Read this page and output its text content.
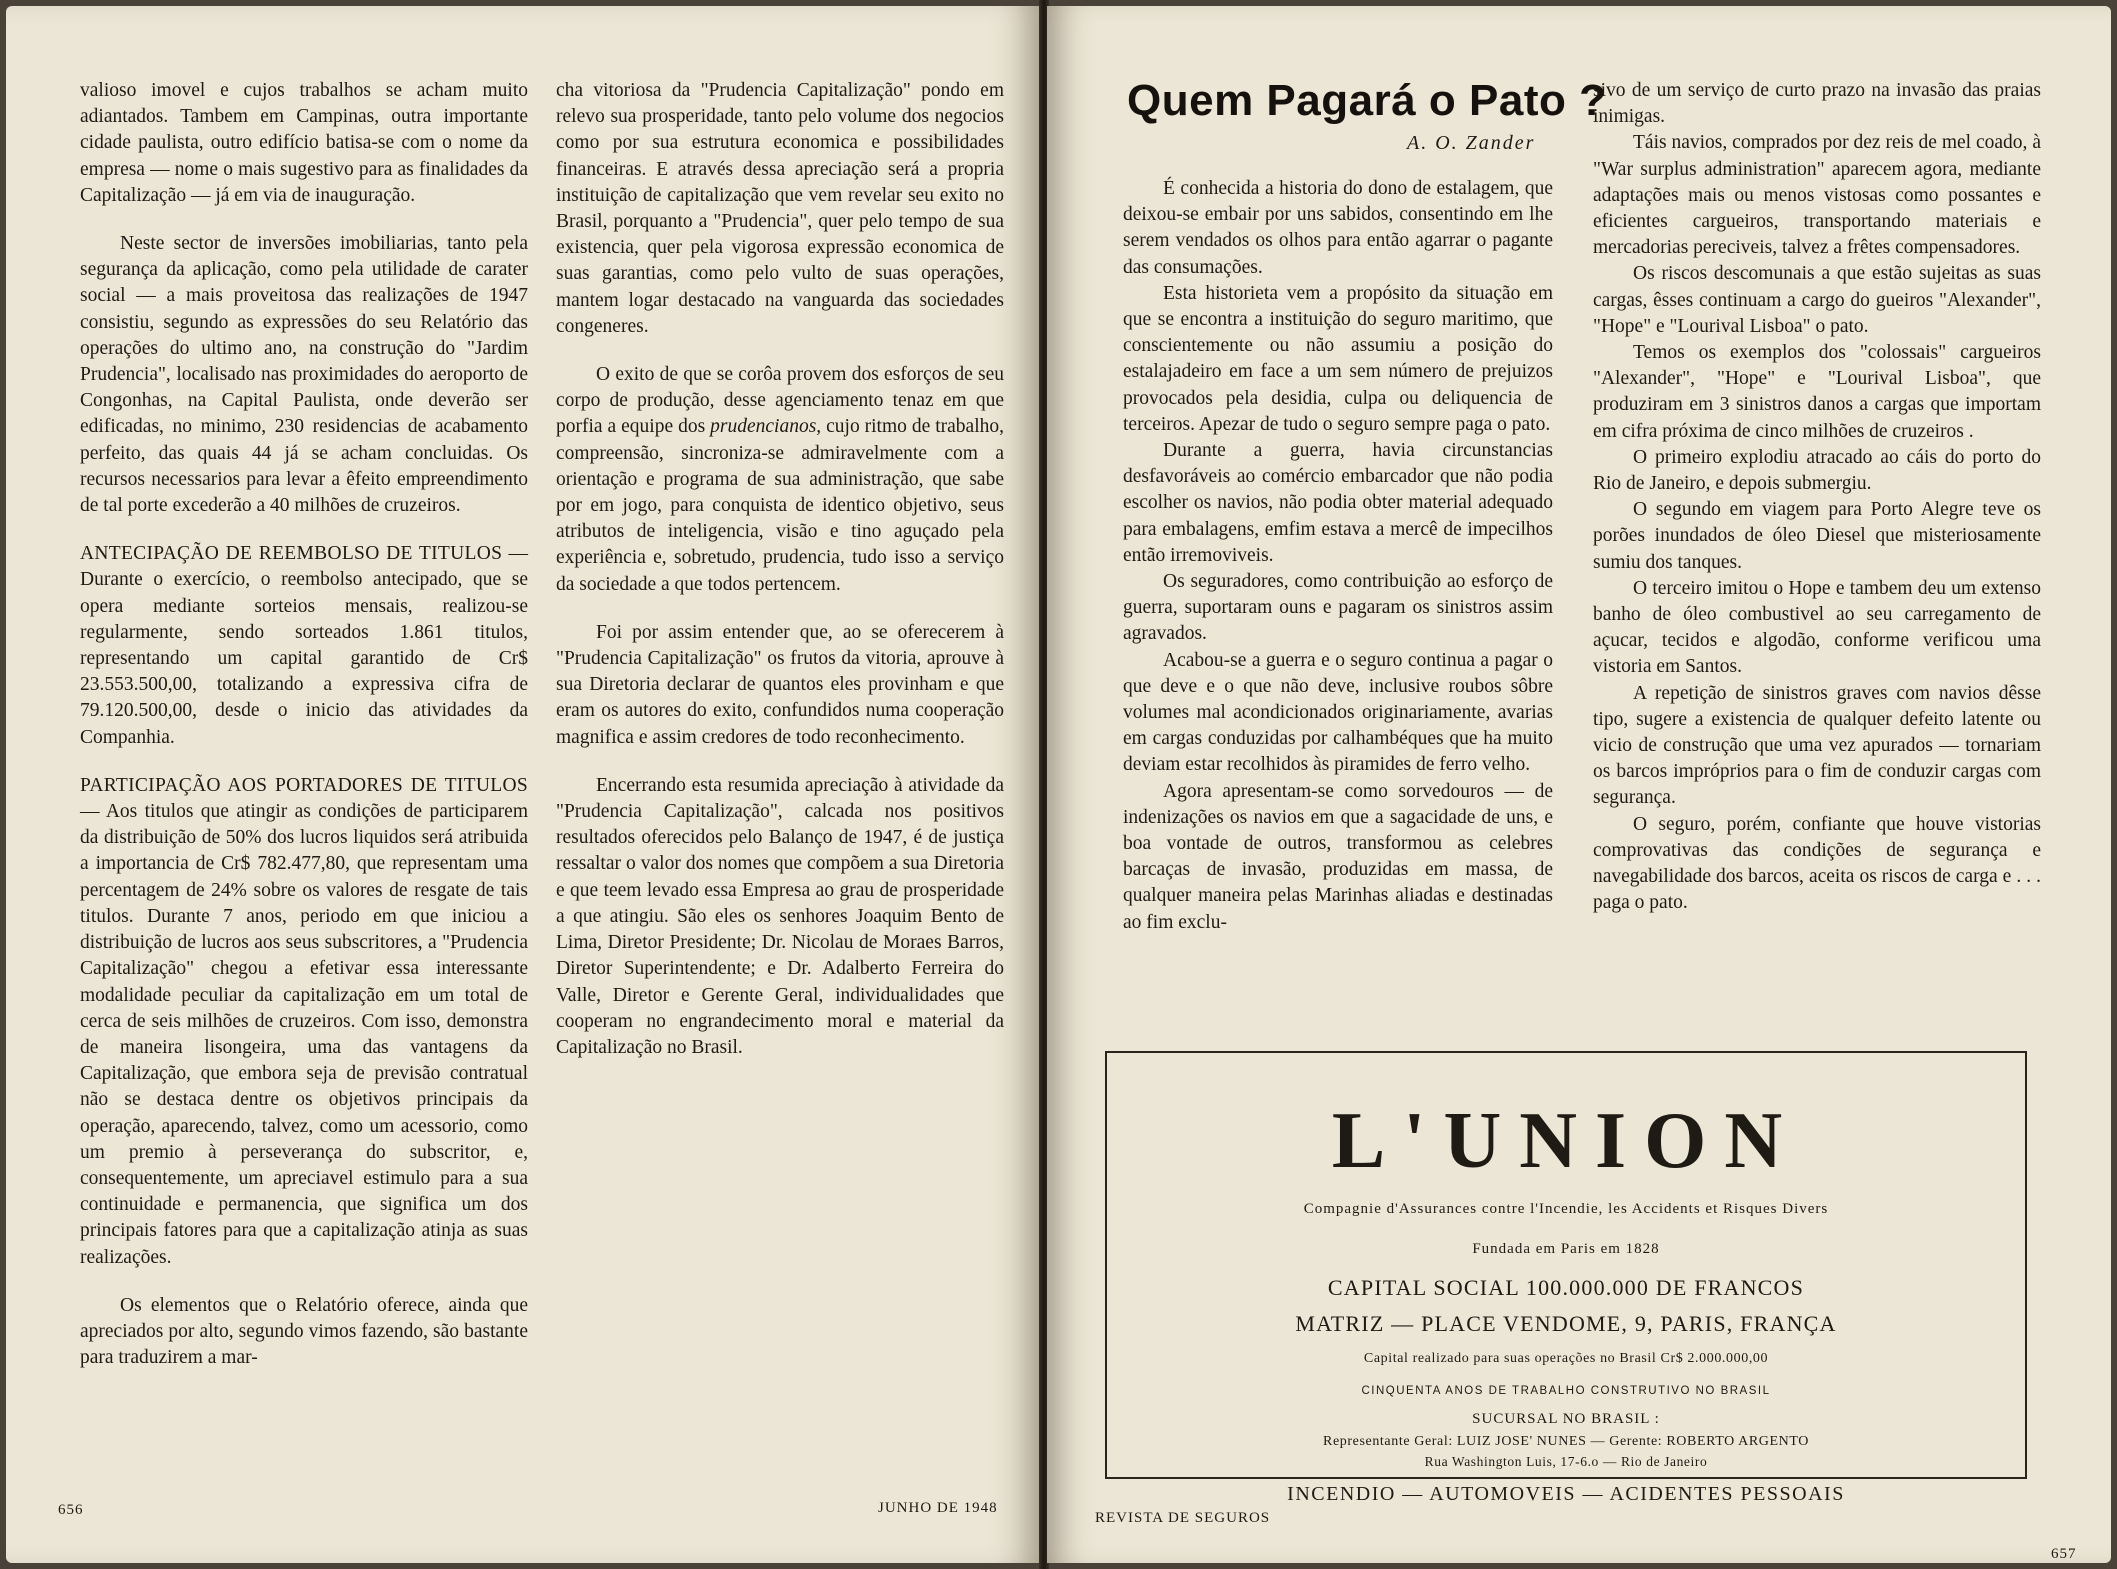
valioso imovel e cujos trabalhos se acham muito adiantados. Tambem em Campinas, outra importante cidade paulista, outro edifício batisa-se com o nome da empresa — nome o mais sugestivo para as finalidades da Capitalização — já em via de inauguração.

Neste sector de inversões imobiliarias, tanto pela segurança da aplicação, como pela utilidade de carater social — a mais proveitosa das realizações de 1947 consistiu, segundo as expressões do seu Relatório das operações do ultimo ano, na construção do "Jardim Prudencia", localisado nas proximidades do aeroporto de Congonhas, na Capital Paulista, onde deverão ser edificadas, no minimo, 230 residencias de acabamento perfeito, das quais 44 já se acham concluidas. Os recursos necessarios para levar a êfeito empreendimento de tal porte excederão a 40 milhões de cruzeiros.

ANTECIPAÇÃO DE REEMBOLSO DE TITULOS — Durante o exercício, o reembolso antecipado, que se opera mediante sorteios mensais, realizou-se regularmente, sendo sorteados 1.861 titulos, representando um capital garantido de Cr$ 23.553.500,00, totalizando a expressiva cifra de 79.120.500,00, desde o inicio das atividades da Companhia.

PARTICIPAÇÃO AOS PORTADORES DE TITULOS — Aos titulos que atingir as condições de participarem da distribuição de 50% dos lucros liquidos será atribuida a importancia de Cr$ 782.477,80, que representam uma percentagem de 24% sobre os valores de resgate de tais titulos. Durante 7 anos, periodo em que iniciou a distribuição de lucros aos seus subscritores, a "Prudencia Capitalização" chegou a efetivar essa interessante modalidade peculiar da capitalização em um total de cerca de seis milhões de cruzeiros. Com isso, demonstra de maneira lisongeira, uma das vantagens da Capitalização, que embora seja de previsão contratual não se destaca dentre os objetivos principais da operação, aparecendo, talvez, como um acessorio, como um premio à perseverança do subscritor, e, consequentemente, um apreciavel estimulo para a sua continuidade e permanencia, que significa um dos principais fatores para que a capitalização atinja as suas realizações.

Os elementos que o Relatório oferece, ainda que apreciados por alto, segundo vimos fazendo, são bastante para traduzirem a mar-

cha vitoriosa da "Prudencia Capitalização" pondo em relevo sua prosperidade, tanto pelo volume dos negocios como por sua estrutura economica e possibilidades financeiras. E através dessa apreciação será a propria instituição de capitalização que vem revelar seu exito no Brasil, porquanto a "Prudencia", quer pelo tempo de sua existencia, quer pela vigorosa expressão economica de suas garantias, como pelo vulto de suas operações, mantem logar destacado na vanguarda das sociedades congeneres.

O exito de que se corôa provem dos esforços de seu corpo de produção, desse agenciamento tenaz em que porfia a equipe dos prudencianos, cujo ritmo de trabalho, compreensão, sincroniza-se admiravelmente com a orientação e programa de sua administração, que sabe por em jogo, para conquista de identico objetivo, seus atributos de inteligencia, visão e tino aguçado pela experiência e, sobretudo, prudencia, tudo isso a serviço da sociedade a que todos pertencem.

Foi por assim entender que, ao se oferecerem à "Prudencia Capitalização" os frutos da vitoria, aprouve à sua Diretoria declarar de quantos eles provinham e que eram os autores do exito, confundidos numa cooperação magnifica e assim credores de todo reconhecimento.

Encerrando esta resumida apreciação à atividade da "Prudencia Capitalização", calcada nos positivos resultados oferecidos pelo Balanço de 1947, é de justiça ressaltar o valor dos nomes que compõem a sua Diretoria e que teem levado essa Empresa ao grau de prosperidade a que atingiu. São eles os senhores Joaquim Bento de Lima, Diretor Presidente; Dr. Nicolau de Moraes Barros, Diretor Superintendente; e Dr. Adalberto Ferreira do Valle, Diretor e Gerente Geral, individualidades que cooperam no engrandecimento moral e material da Capitalização no Brasil.

656	JUNHO DE 1948
Quem Pagará o Pato ?
A. O. Zander

É conhecida a historia do dono de estalagem, que deixou-se embair por uns sabidos, consentindo em lhe serem vendados os olhos para então agarrar o pagante das consumações.

Esta historieta vem a propósito da situação em que se encontra a instituição do seguro maritimo, que conscientemente ou não assumiu a posição do estalajadeiro em face a um sem número de prejuizos provocados pela desidia, culpa ou deliquencia de terceiros. Apezar de tudo o seguro sempre paga o pato.

Durante a guerra, havia circunstancias desfavoráveis ao comércio embarcador que não podia escolher os navios, não podia obter material adequado para embalagens, emfim estava a mercê de impecilhos então irremoviveis.

Os seguradores, como contribuição ao esforço de guerra, suportaram ouns e pagaram os sinistros assim agravados.

Acabou-se a guerra e o seguro continua a pagar o que deve e o que não deve, inclusive roubos sôbre volumes mal acondicionados originariamente, avarias em cargas conduzidas por calhambéques que ha muito deviam estar recolhidos às piramides de ferro velho.

Agora apresentam-se como sorvedouros — de indenizações os navios em que a sagacidade de uns, e boa vontade de outros, transformou as celebres barcaças de invasão, produzidas em massa, de qualquer maneira pelas Marinhas aliadas e destinadas ao fim exclu-

sivo de um serviço de curto prazo na invasão das praias inimigas.

Táis navios, comprados por dez reis de mel coado, à "War surplus administration" aparecem agora, mediante adaptações mais ou menos vistosas como possantes e eficientes cargueiros, transportando materiais e mercadorias pereciveis, talvez a frêtes compensadores.

Os riscos descomunais a que estão sujeitas as suas cargas, êsses continuam a cargo do gueiros "Alexander", "Hope" e "Lourival Lisboa" o pato.

Temos os exemplos dos "colossais" cargueiros "Alexander", "Hope" e "Lourival Lisboa", que produziram em 3 sinistros danos a cargas que importam em cifra próxima de cinco milhões de cruzeiros .

O primeiro explodiu atracado ao cáis do porto do Rio de Janeiro, e depois submergiu.

O segundo em viagem para Porto Alegre teve os porões inundados de óleo Diesel que misteriosamente sumiu dos tanques.

O terceiro imitou o Hope e tambem deu um extenso banho de óleo combustivel ao seu carregamento de açucar, tecidos e algodão, conforme verificou uma vistoria em Santos.

A repetição de sinistros graves com navios dêsse tipo, sugere a existencia de qualquer defeito latente ou vicio de construção que uma vez apurados — tornariam os barcos impróprios para o fim de conduzir cargas com segurança.

O seguro, porém, confiante que houve vistorias comprovativas das condições de segurança e navegabilidade dos barcos, aceita os riscos de carga e . . . paga o pato.

L'UNION
Compagnie d'Assurances contre l'Incendie, les Accidents et Risques Divers
Fundada em Paris em 1828
CAPITAL SOCIAL 100.000.000 DE FRANCOS
MATRIZ — PLACE VENDOME, 9, PARIS, FRANÇA
Capital realizado para suas operações no Brasil Cr$ 2.000.000,00
CINQUENTA ANOS DE TRABALHO CONSTRUTIVO NO BRASIL
SUCURSAL NO BRASIL :
Representante Geral: LUIZ JOSE' NUNES — Gerente: ROBERTO ARGENTO
Rua Washington Luis, 17-6.o — Rio de Janeiro
INCENDIO — AUTOMOVEIS — ACIDENTES PESSOAIS
REVISTA DE SEGUROS
657
